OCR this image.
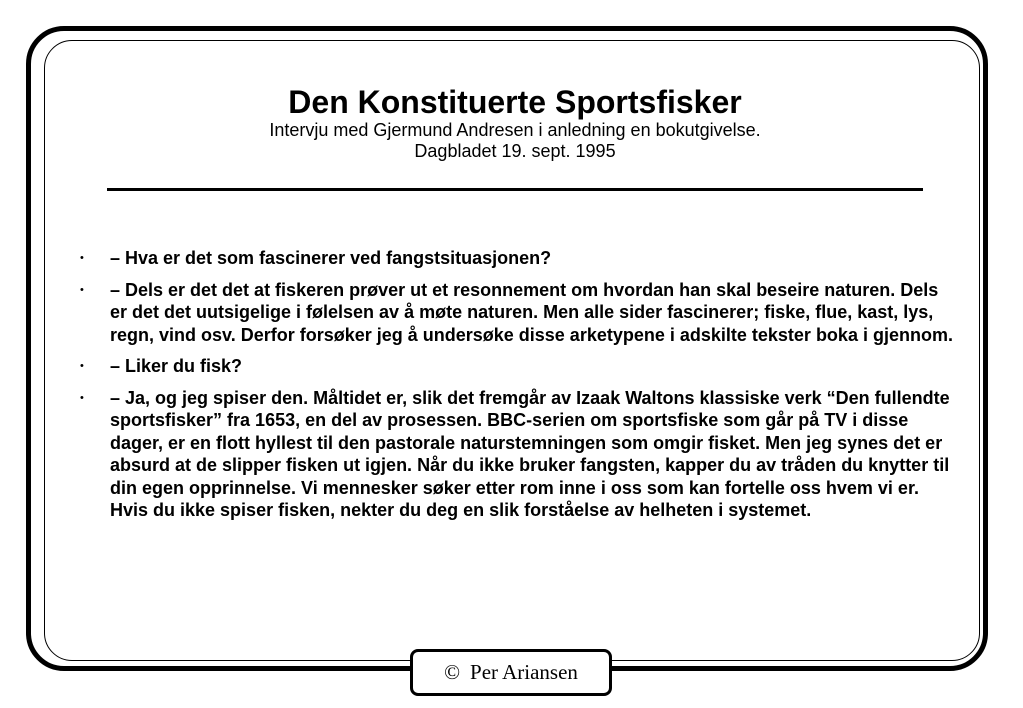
Den Konstituerte Sportsfisker

Intervju med Gjermund Andresen i anledning en bokutgivelse.

Dagbladet 19. sept. 1995

• – Hva er det som fascinerer ved fangstsituasjonen?
• – Dels er det det at fiskeren prøver ut et resonnement om hvordan han skal beseire naturen. Dels er det det uutsigelige i følelsen av å møte naturen. Men alle sider fascinerer; fiske, flue, kast, lys, regn, vind osv. Derfor forsøker jeg å undersøke disse arketypene i adskilte tekster boka i gjennom.
• – Liker du fisk?
• – Ja, og jeg spiser den. Måltidet er, slik det fremgår av Izaak Waltons klassiske verk “Den fullendte sportsfisker” fra 1653, en del av prosessen. BBC-serien om sportsfiske som går på TV i disse dager, er en flott hyllest til den pastorale naturstemningen som omgir fisket. Men jeg synes det er absurd at de slipper fisken ut igjen. Når du ikke bruker fangsten, kapper du av tråden du knytter til din egen opprinnelse. Vi mennesker søker etter rom inne i oss som kan fortelle oss hvem vi er. Hvis du ikke spiser fisken, nekter du deg en slik forståelse av helheten i systemet.
© Per Ariansen
